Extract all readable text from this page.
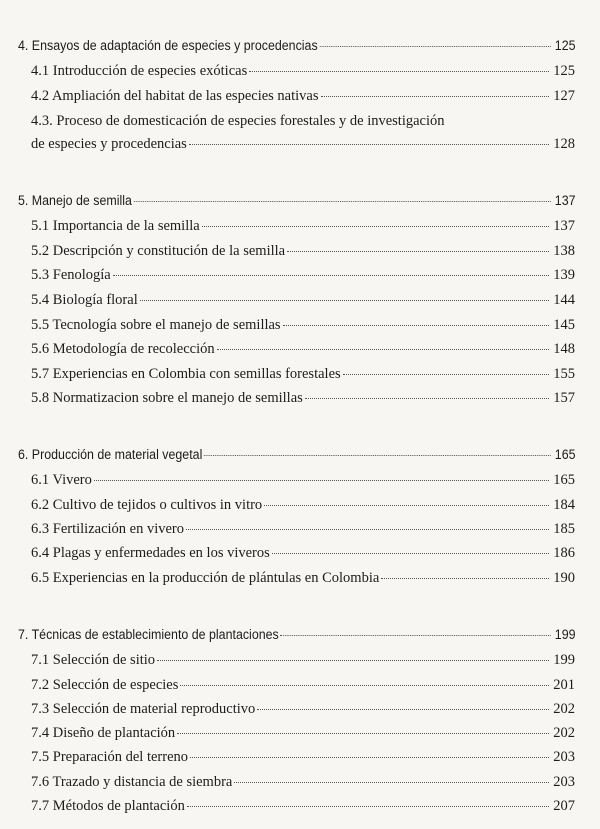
4. Ensayos de adaptación de especies y procedencias	125
4.1 Introducción de especies exóticas	125
4.2 Ampliación del habitat de las especies nativas	127
4.3. Proceso de domesticación de especies forestales y de investigación
de especies y procedencias	128
5. Manejo de semilla	137
5.1 Importancia de la semilla	137
5.2 Descripción y constitución de la semilla	138
5.3 Fenología	139
5.4 Biología floral	144
5.5 Tecnología sobre el manejo de semillas	145
5.6 Metodología de recolección	148
5.7 Experiencias en Colombia con semillas forestales	155
5.8 Normatizacion sobre el manejo de semillas	157
6. Producción de material vegetal	165
6.1 Vivero	165
6.2 Cultivo de tejidos o cultivos in vitro	184
6.3 Fertilización en vivero	185
6.4 Plagas y enfermedades en los viveros	186
6.5 Experiencias en la producción de plántulas en Colombia	190
7. Técnicas de establecimiento de plantaciones	199
7.1 Selección de sitio	199
7.2 Selección de especies	201
7.3 Selección de material reproductivo	202
7.4 Diseño de plantación	202
7.5 Preparación del terreno	203
7.6 Trazado y distancia de siembra	203
7.7 Métodos de plantación	207
